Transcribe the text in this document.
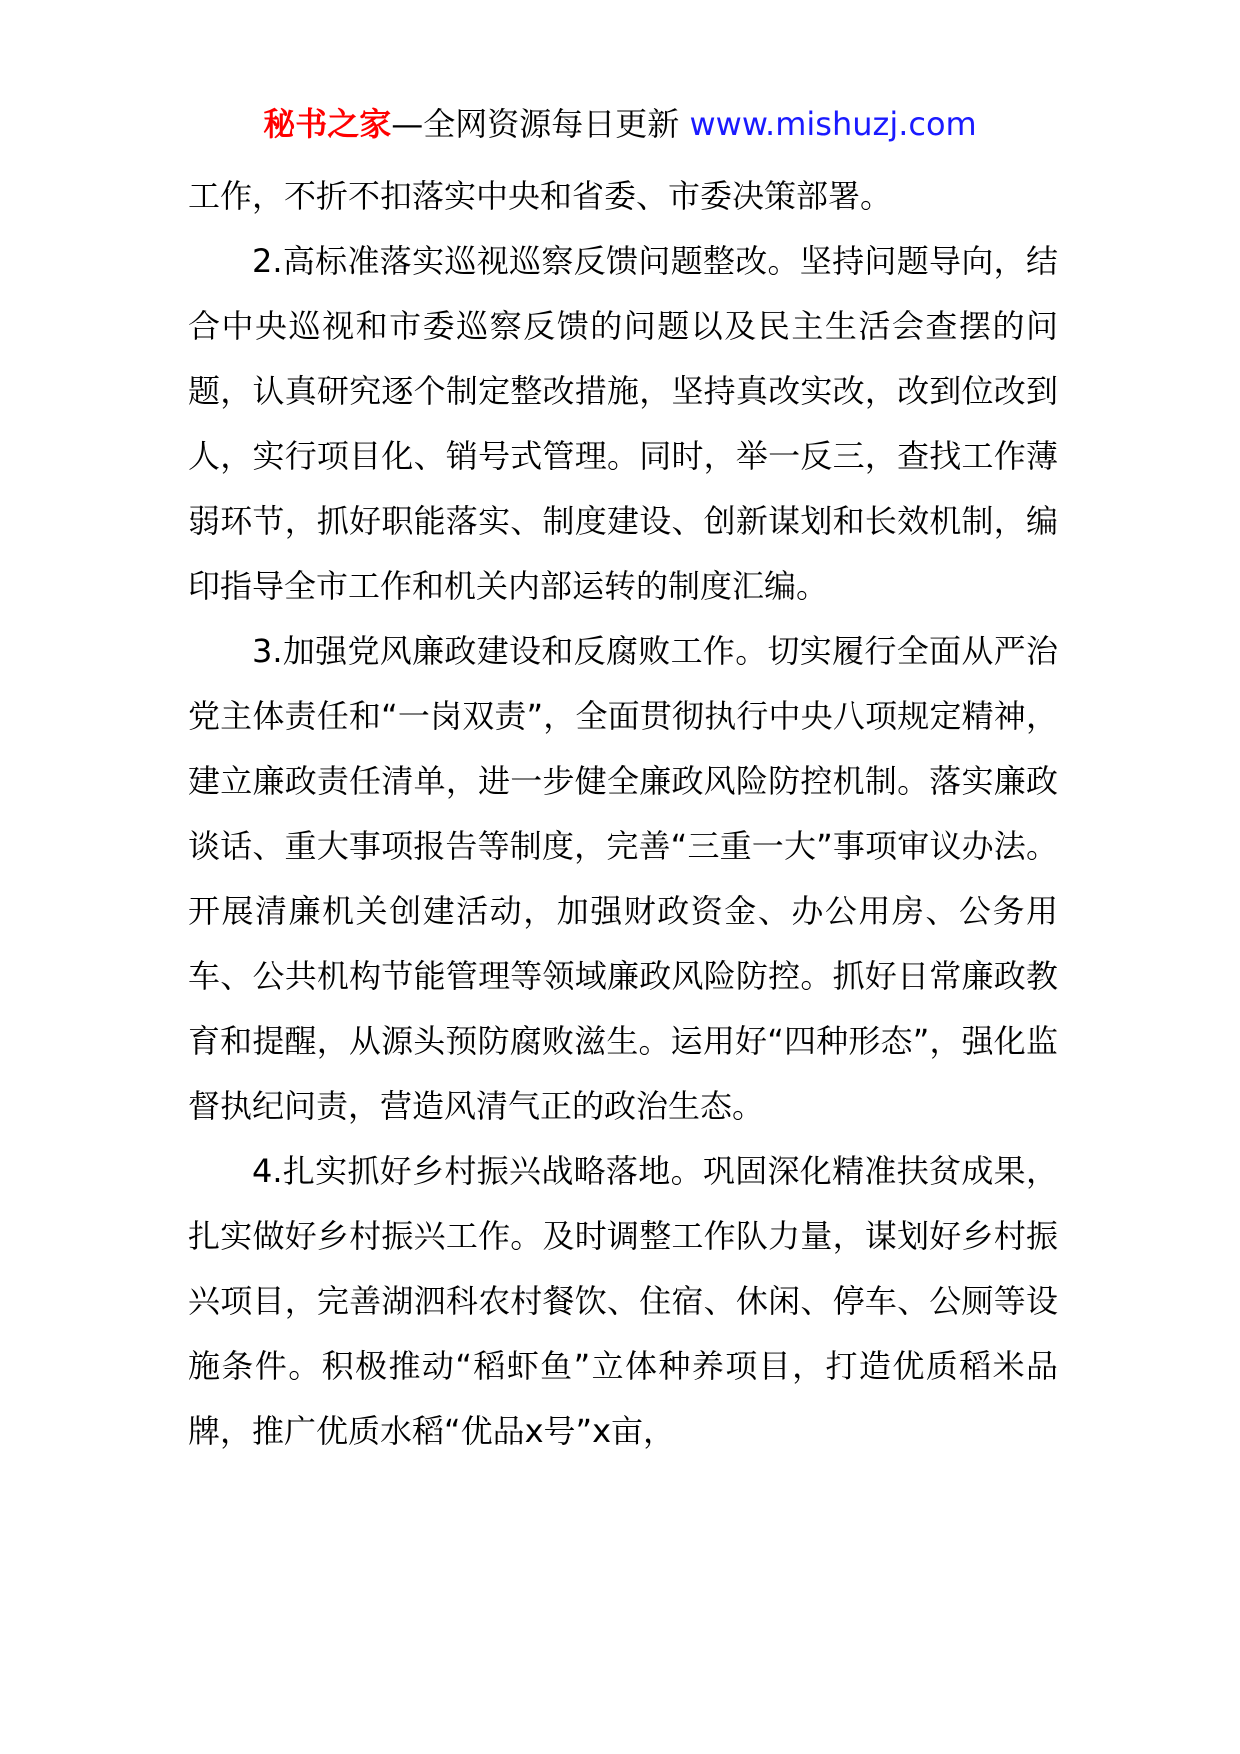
秘书之家—全网资源每日更新 www.mishuzj.com

工作，不折不扣落实中央和省委、市委决策部署。

2.高标准落实巡视巡察反馈问题整改。坚持问题导向，结合中央巡视和市委巡察反馈的问题以及民主生活会查摆的问题，认真研究逐个制定整改措施，坚持真改实改，改到位改到人，实行项目化、销号式管理。同时，举一反三，查找工作薄弱环节，抓好职能落实、制度建设、创新谋划和长效机制，编印指导全市工作和机关内部运转的制度汇编。

3.加强党风廉政建设和反腐败工作。切实履行全面从严治党主体责任和“一岗双责”，全面贯彻执行中央八项规定精神，建立廉政责任清单，进一步健全廉政风险防控机制。落实廉政谈话、重大事项报告等制度，完善“三重一大”事项审议办法。开展清廉机关创建活动，加强财政资金、办公用房、公务用车、公共机构节能管理等领域廉政风险防控。抓好日常廉政教育和提醒，从源头预防腐败滋生。运用好“四种形态”，强化监督执纪问责，营造风清气正的政治生态。

4.扎实抓好乡村振兴战略落地。巩固深化精准扶贫成果，扎实做好乡村振兴工作。及时调整工作队力量，谋划好乡村振兴项目，完善湖泗科农村餐饮、住宿、休闲、停车、公厕等设施条件。积极推动“稻虾鱼”立体种养项目，打造优质稻米品牌，推广优质水稻“优品x号”x亩，
